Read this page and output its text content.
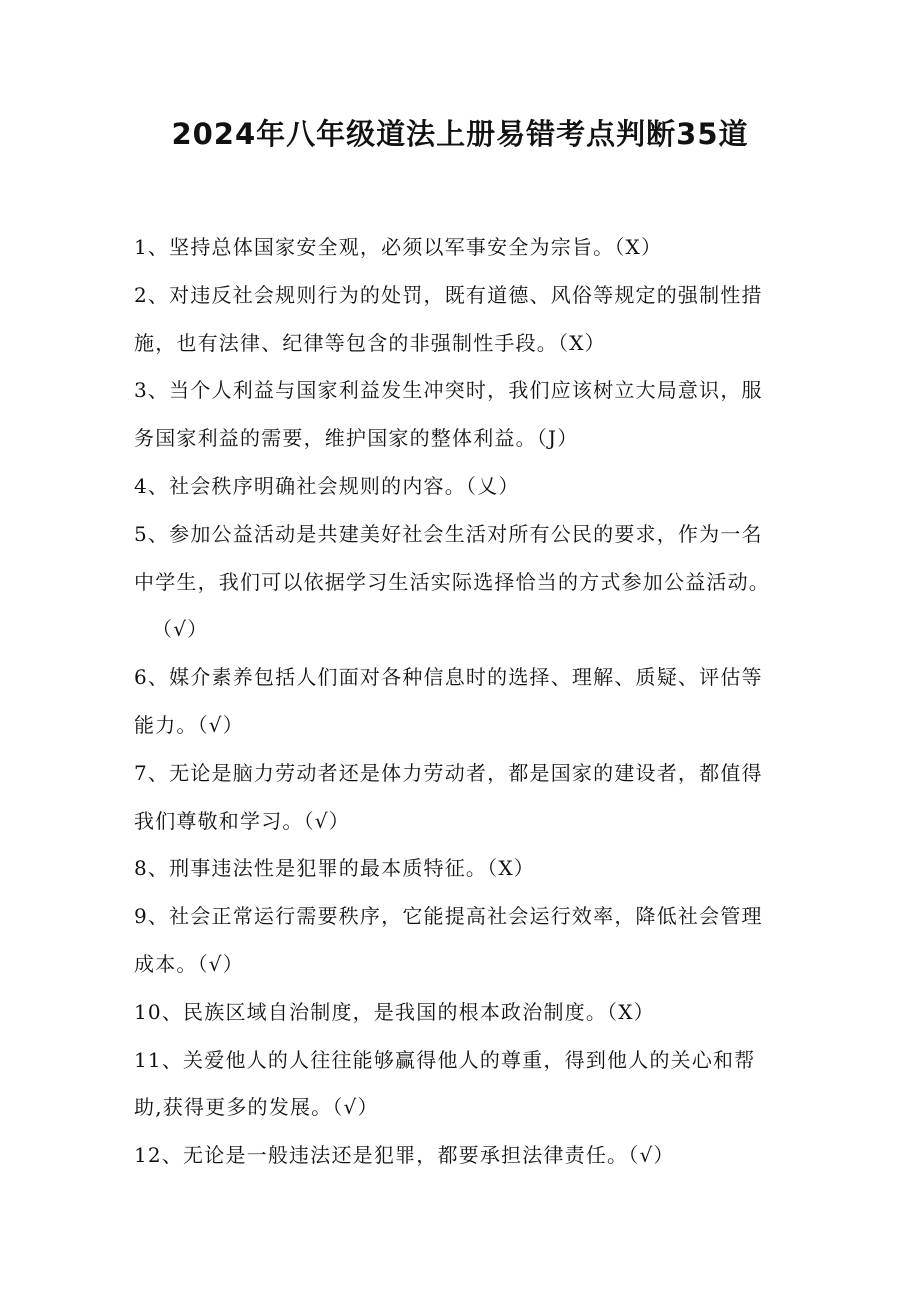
2024年八年级道法上册易错考点判断35道

1、坚持总体国家安全观，必须以军事安全为宗旨。（X）

2、对违反社会规则行为的处罚，既有道德、风俗等规定的强制性措
施，也有法律、纪律等包含的非强制性手段。（X）

3、当个人利益与国家利益发生冲突时，我们应该树立大局意识，服
务国家利益的需要，维护国家的整体利益。（J）

4、社会秩序明确社会规则的内容。（乂）

5、参加公益活动是共建美好社会生活对所有公民的要求，作为一名
中学生，我们可以依据学习生活实际选择恰当的方式参加公益活动。
（√）

6、媒介素养包括人们面对各种信息时的选择、理解、质疑、评估等
能力。（√）

7、无论是脑力劳动者还是体力劳动者，都是国家的建设者，都值得
我们尊敬和学习。（√）

8、刑事违法性是犯罪的最本质特征。（X）

9、社会正常运行需要秩序，它能提高社会运行效率，降低社会管理
成本。（√）

10、民族区域自治制度，是我国的根本政治制度。（X）

11、关爱他人的人往往能够赢得他人的尊重，得到他人的关心和帮
助,获得更多的发展。（√）

12、无论是一般违法还是犯罪，都要承担法律责任。（√）
